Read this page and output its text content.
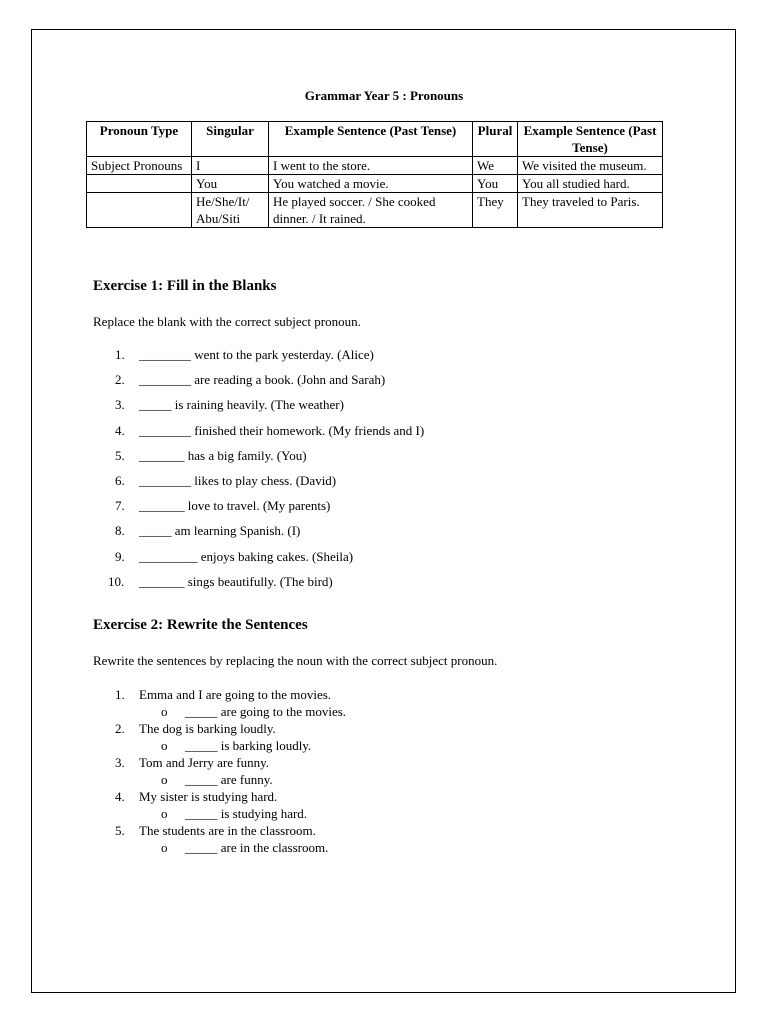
Grammar Year 5 : Pronouns
Pronoun Type	Singular	Example Sentence (Past Tense)	Plural	Example Sentence (Past Tense)
Subject Pronouns	I	I went to the store.	We	We visited the museum.
	You	You watched a movie.	You	You all studied hard.
	He/She/It/ Abu/Siti	He played soccer. / She cooked dinner. / It rained.	They	They traveled to Paris.
Exercise 1: Fill in the Blanks
Replace the blank with the correct subject pronoun.
1.	________ went to the park yesterday. (Alice)
2.	________ are reading a book. (John and Sarah)
3.	_____ is raining heavily. (The weather)
4.	________ finished their homework. (My friends and I)
5.	_______ has a big family. (You)
6.	________ likes to play chess. (David)
7.	_______ love to travel. (My parents)
8.	_____ am learning Spanish. (I)
9.	_________ enjoys baking cakes. (Sheila)
10.	_______ sings beautifully. (The bird)
Exercise 2: Rewrite the Sentences
Rewrite the sentences by replacing the noun with the correct subject pronoun.
1.	Emma and I are going to the movies.
o	_____ are going to the movies.
2.	The dog is barking loudly.
o	_____ is barking loudly.
3.	Tom and Jerry are funny.
o	_____ are funny.
4.	My sister is studying hard.
o	_____ is studying hard.
5.	The students are in the classroom.
o	_____ are in the classroom.
